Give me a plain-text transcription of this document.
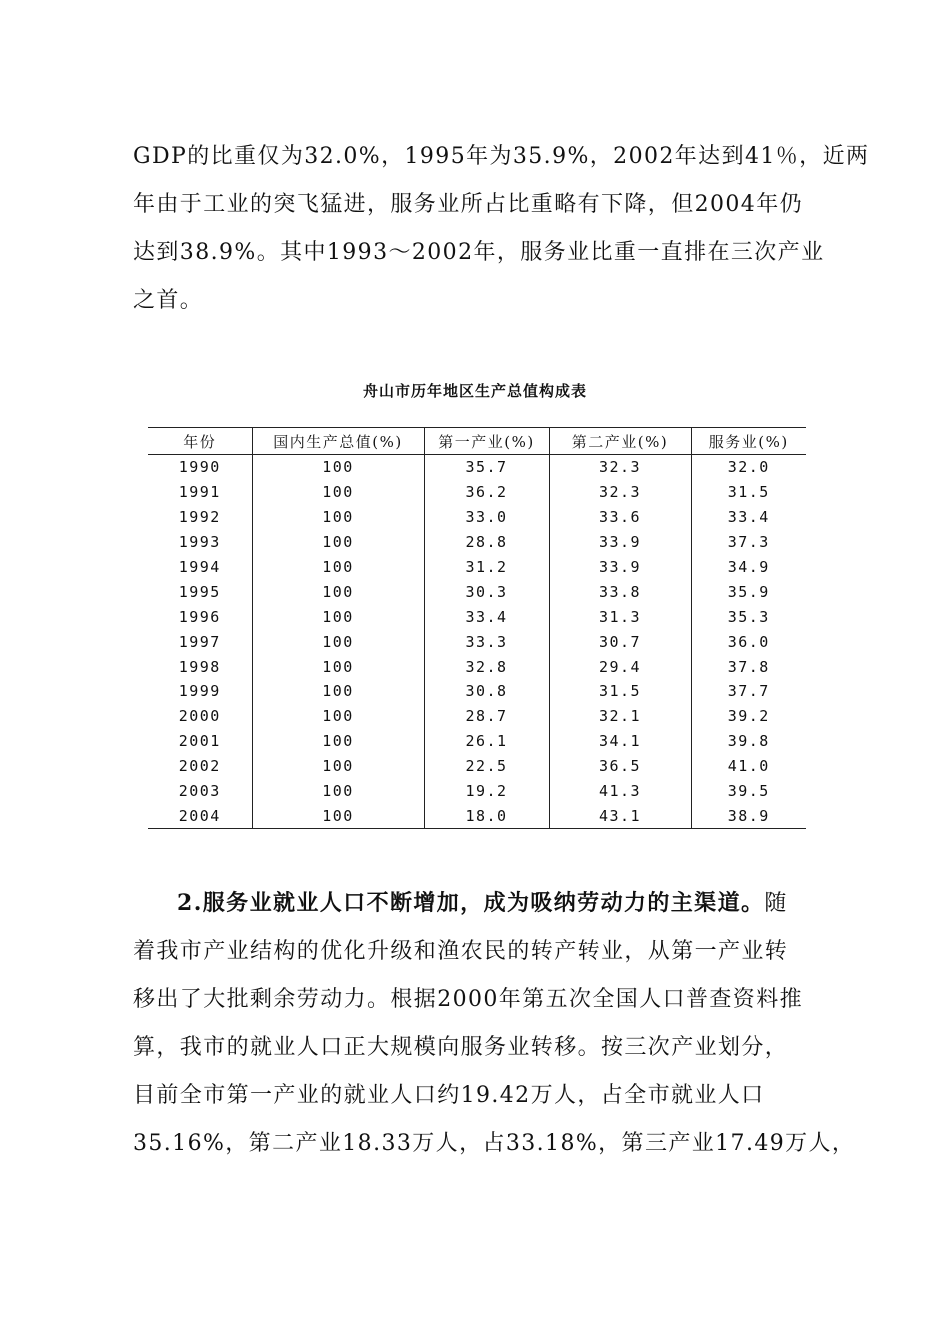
GDP的比重仅为32.0%，1995年为35.9%，2002年达到41％，近两

年由于工业的突飞猛进，服务业所占比重略有下降，但2004年仍

达到38.9%。其中1993～2002年，服务业比重一直排在三次产业

之首。

舟山市历年地区生产总值构成表
年份	国内生产总值(%)	第一产业(%)	第二产业(%)	服务业(%)
1990	100	35.7	32.3	32.0
1991	100	36.2	32.3	31.5
1992	100	33.0	33.6	33.4
1993	100	28.8	33.9	37.3
1994	100	31.2	33.9	34.9
1995	100	30.3	33.8	35.9
1996	100	33.4	31.3	35.3
1997	100	33.3	30.7	36.0
1998	100	32.8	29.4	37.8
1999	100	30.8	31.5	37.7
2000	100	28.7	32.1	39.2
2001	100	26.1	34.1	39.8
2002	100	22.5	36.5	41.0
2003	100	19.2	41.3	39.5
2004	100	18.0	43.1	38.9

2.服务业就业人口不断增加，成为吸纳劳动力的主渠道。随

着我市产业结构的优化升级和渔农民的转产转业，从第一产业转

移出了大批剩余劳动力。根据2000年第五次全国人口普查资料推

算，我市的就业人口正大规模向服务业转移。按三次产业划分，

目前全市第一产业的就业人口约19.42万人，占全市就业人口

35.16%，第二产业18.33万人，占33.18%，第三产业17.49万人，
